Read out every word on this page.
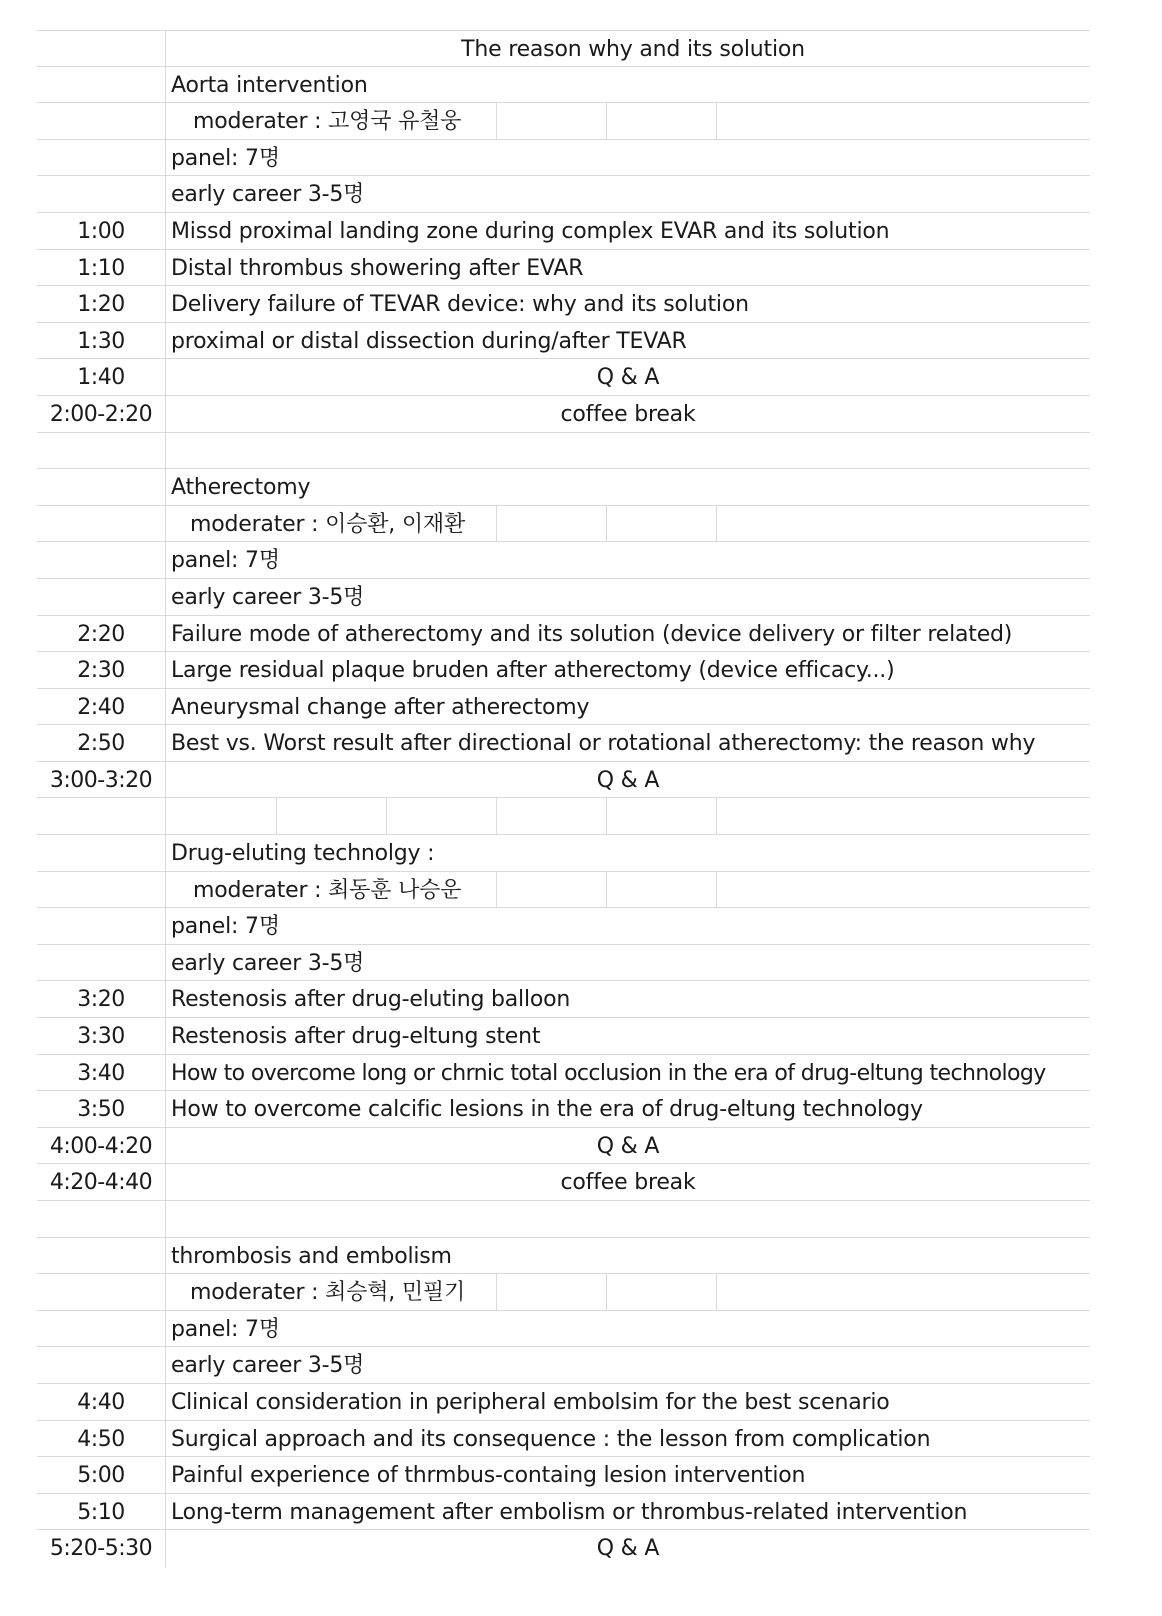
The reason why and its solution
Aorta intervention
moderater : 고영국 유철웅
panel: 7명
early career 3-5명
1:00	Missd proximal landing zone during complex EVAR and its solution
1:10	Distal thrombus showering after EVAR
1:20	Delivery failure of TEVAR device: why and its solution
1:30	proximal or distal dissection during/after TEVAR
1:40	Q & A
2:00-2:20	coffee break
Atherectomy
moderater : 이승환, 이재환
panel: 7명
early career 3-5명
2:20	Failure mode of atherectomy and its solution (device delivery or filter related)
2:30	Large residual plaque bruden after atherectomy (device efficacy...)
2:40	Aneurysmal change after atherectomy
2:50	Best vs. Worst result after directional or rotational atherectomy: the reason why
3:00-3:20	Q & A
Drug-eluting technolgy :
moderater : 최동훈 나승운
panel: 7명
early career 3-5명
3:20	Restenosis after drug-eluting balloon
3:30	Restenosis after drug-eltung stent
3:40	How to overcome long or chrnic total occlusion in the era of drug-eltung technology
3:50	How to overcome calcific lesions in the era of drug-eltung technology
4:00-4:20	Q & A
4:20-4:40	coffee break
thrombosis and embolism
moderater : 최승혁, 민필기
panel: 7명
early career 3-5명
4:40	Clinical consideration in peripheral embolsim for the best scenario
4:50	Surgical approach and its consequence : the lesson from complication
5:00	Painful experience of thrmbus-containg lesion intervention
5:10	Long-term management after embolism or thrombus-related intervention
5:20-5:30	Q & A
